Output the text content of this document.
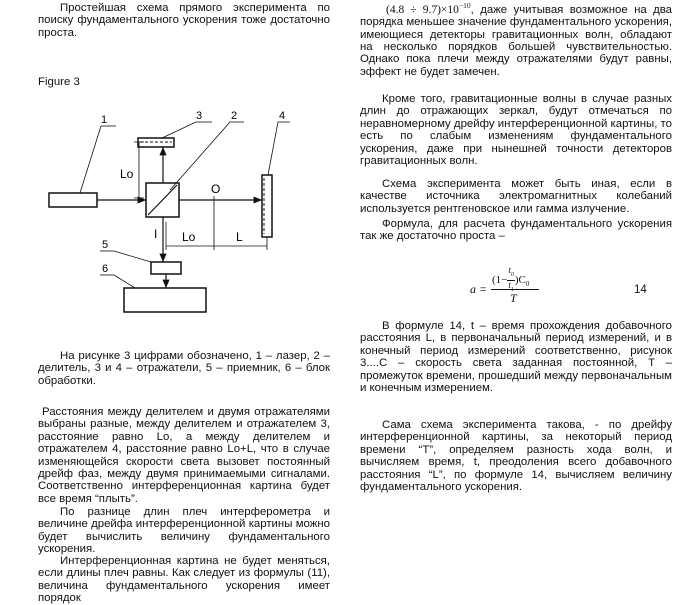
Простейшая схема прямого эксперимента по поиску фундаментального ускорения тоже достаточно проста.

Figure 3

На рисунке 3 цифрами обозначено, 1 – лазер, 2 – делитель, 3 и 4 – отражатели, 5 – приемник, 6 – блок обработки.

Расстояния между делителем и двумя отражателями выбраны разные, между делителем и отражателем 3, расстояние равно Lo, а между делителем и отражателем 4, расстояние равно Lo+L, что в случае изменяющейся скорости света вызовет постоянный дрейф фаз, между двумя принимаемыми сигналами. Соответственно интерференционная картина будет все время “плыть”.

По разнице длин плеч интерферометра и величине дрейфа интерференционной картины можно будет вычислить величину фундаментального ускорения.

Интерференционная картина не будет меняться, если длины плеч равны. Как следует из формулы (11), величина фундаментального ускорения имеет порядок

Lo
O
I Lo	L
1	3	2	4
5
6

$(4.8 \div 9.7)\times 10^{-10}$, даже учитывая возможное на два порядка меньшее значение фундаментального ускорения, имеющиеся детекторы гравитационных волн, обладают на несколько порядков большей чувствительностью. Однако пока плечи между отражателями будут равны, эффект не будет замечен.

Кроме того, гравитационные волны в случае разных длин до отражающих зеркал, будут отмечаться по неравномерному дрейфу интерференционной картины, то есть по слабым изменениям фундаментального ускорения, даже при нынешней точности детекторов гравитационных волн.

Схема эксперимента может быть иная, если в качестве источника электромагнитных колебаний используется рентгеновское или гамма излучение.

Формула, для расчета фундаментального ускорения так же достаточно проста –

a =
$(1- \frac{t_0}{t_1} )C_0$
T
14

В формуле 14, t – время прохождения добавочного расстояния L, в первоначальный период измерений, и в конечный период измерений соответственно, рисунок 3....C – скорость света заданная постоянной, T – промежуток времени, прошедший между первоначальным и конечным измерением.

Сама схема эксперимента такова, - по дрейфу интерференционной картины, за некоторый период времени “T”, определяем разность хода волн, и вычисляем время, t, преодоления всего добавочного расстояния “L”, по формуле 14, вычисляем величину фундаментального ускорения.
